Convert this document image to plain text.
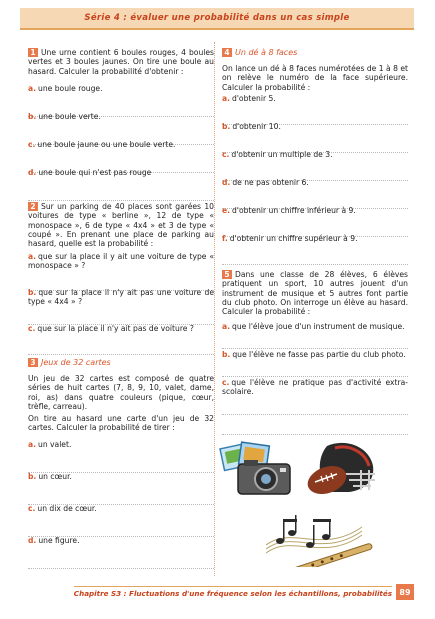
Série 4 : évaluer une probabilité dans un cas simple

1 Une urne contient 6 boules rouges, 4 boules vertes et 3 boules jaunes. On tire une boule au hasard. Calculer la probabilité d'obtenir :

a. une boule rouge.
b. une boule verte.
c. une boule jaune ou une boule verte.
d. une boule qui n'est pas rouge

2 Sur un parking de 40 places sont garées 10 voitures de type « berline », 12 de type « monospace », 6 de type « 4x4 » et 3 de type « coupé ». En prenant une place de parking au hasard, quelle est la probabilité :

a. que sur la place il y ait une voiture de type « monospace » ?
b. que sur la place il n'y ait pas une voiture de type « 4x4 » ?
c. que sur la place il n'y ait pas de voiture ?
3 Jeux de 32 cartes
Un jeu de 32 cartes est composé de quatre séries de huit cartes (7, 8, 9, 10, valet, dame, roi, as) dans quatre couleurs (pique, cœur, trèfle, carreau).
On tire au hasard une carte d'un jeu de 32 cartes. Calculer la probabilité de tirer :
a. un valet.
b. un cœur.
c. un dix de cœur.
d. une figure.
4 Un dé à 8 faces
On lance un dé à 8 faces numérotées de 1 à 8 et on relève le numéro de la face supérieure. Calculer la probabilité :
a. d'obtenir 5.
b. d'obtenir 10.
c. d'obtenir un multiple de 3.
d. de ne pas obtenir 6.
e. d'obtenir un chiffre inférieur à 9.
f. d'obtenir un chiffre supérieur à 9.

5 Dans une classe de 28 élèves, 6 élèves pratiquent un sport, 10 autres jouent d'un instrument de musique et 5 autres font partie du club photo. On interroge un élève au hasard. Calculer la probabilité :

a. que l'élève joue d'un instrument de musique.
b. que l'élève ne fasse pas partie du club photo.
c. que l'élève ne pratique pas d'activité extra-scolaire.
Chapitre S3 : Fluctuations d'une fréquence selon les échantillons, probabilités 89
